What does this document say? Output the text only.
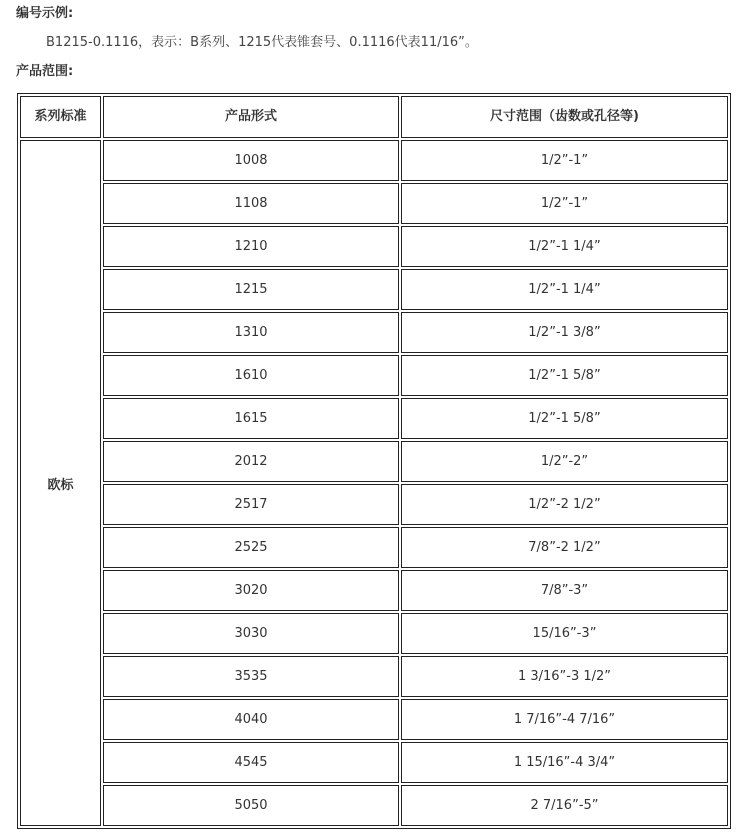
编号示例:
B1215-0.1116，表示：B系列、1215代表锥套号、0.1116代表11/16”。
产品范围:
系列标准	产品形式	尺寸范围（齿数或孔径等)
欧标	1008	1/2”-1”
	1108	1/2”-1”
	1210	1/2”-1 1/4”
	1215	1/2”-1 1/4”
	1310	1/2”-1 3/8”
	1610	1/2”-1 5/8”
	1615	1/2”-1 5/8”
	2012	1/2”-2”
	2517	1/2”-2 1/2”
	2525	7/8”-2 1/2”
	3020	7/8”-3”
	3030	15/16”-3”
	3535	1 3/16”-3 1/2”
	4040	1 7/16”-4 7/16”
	4545	1 15/16”-4 3/4”
	5050	2 7/16”-5”
